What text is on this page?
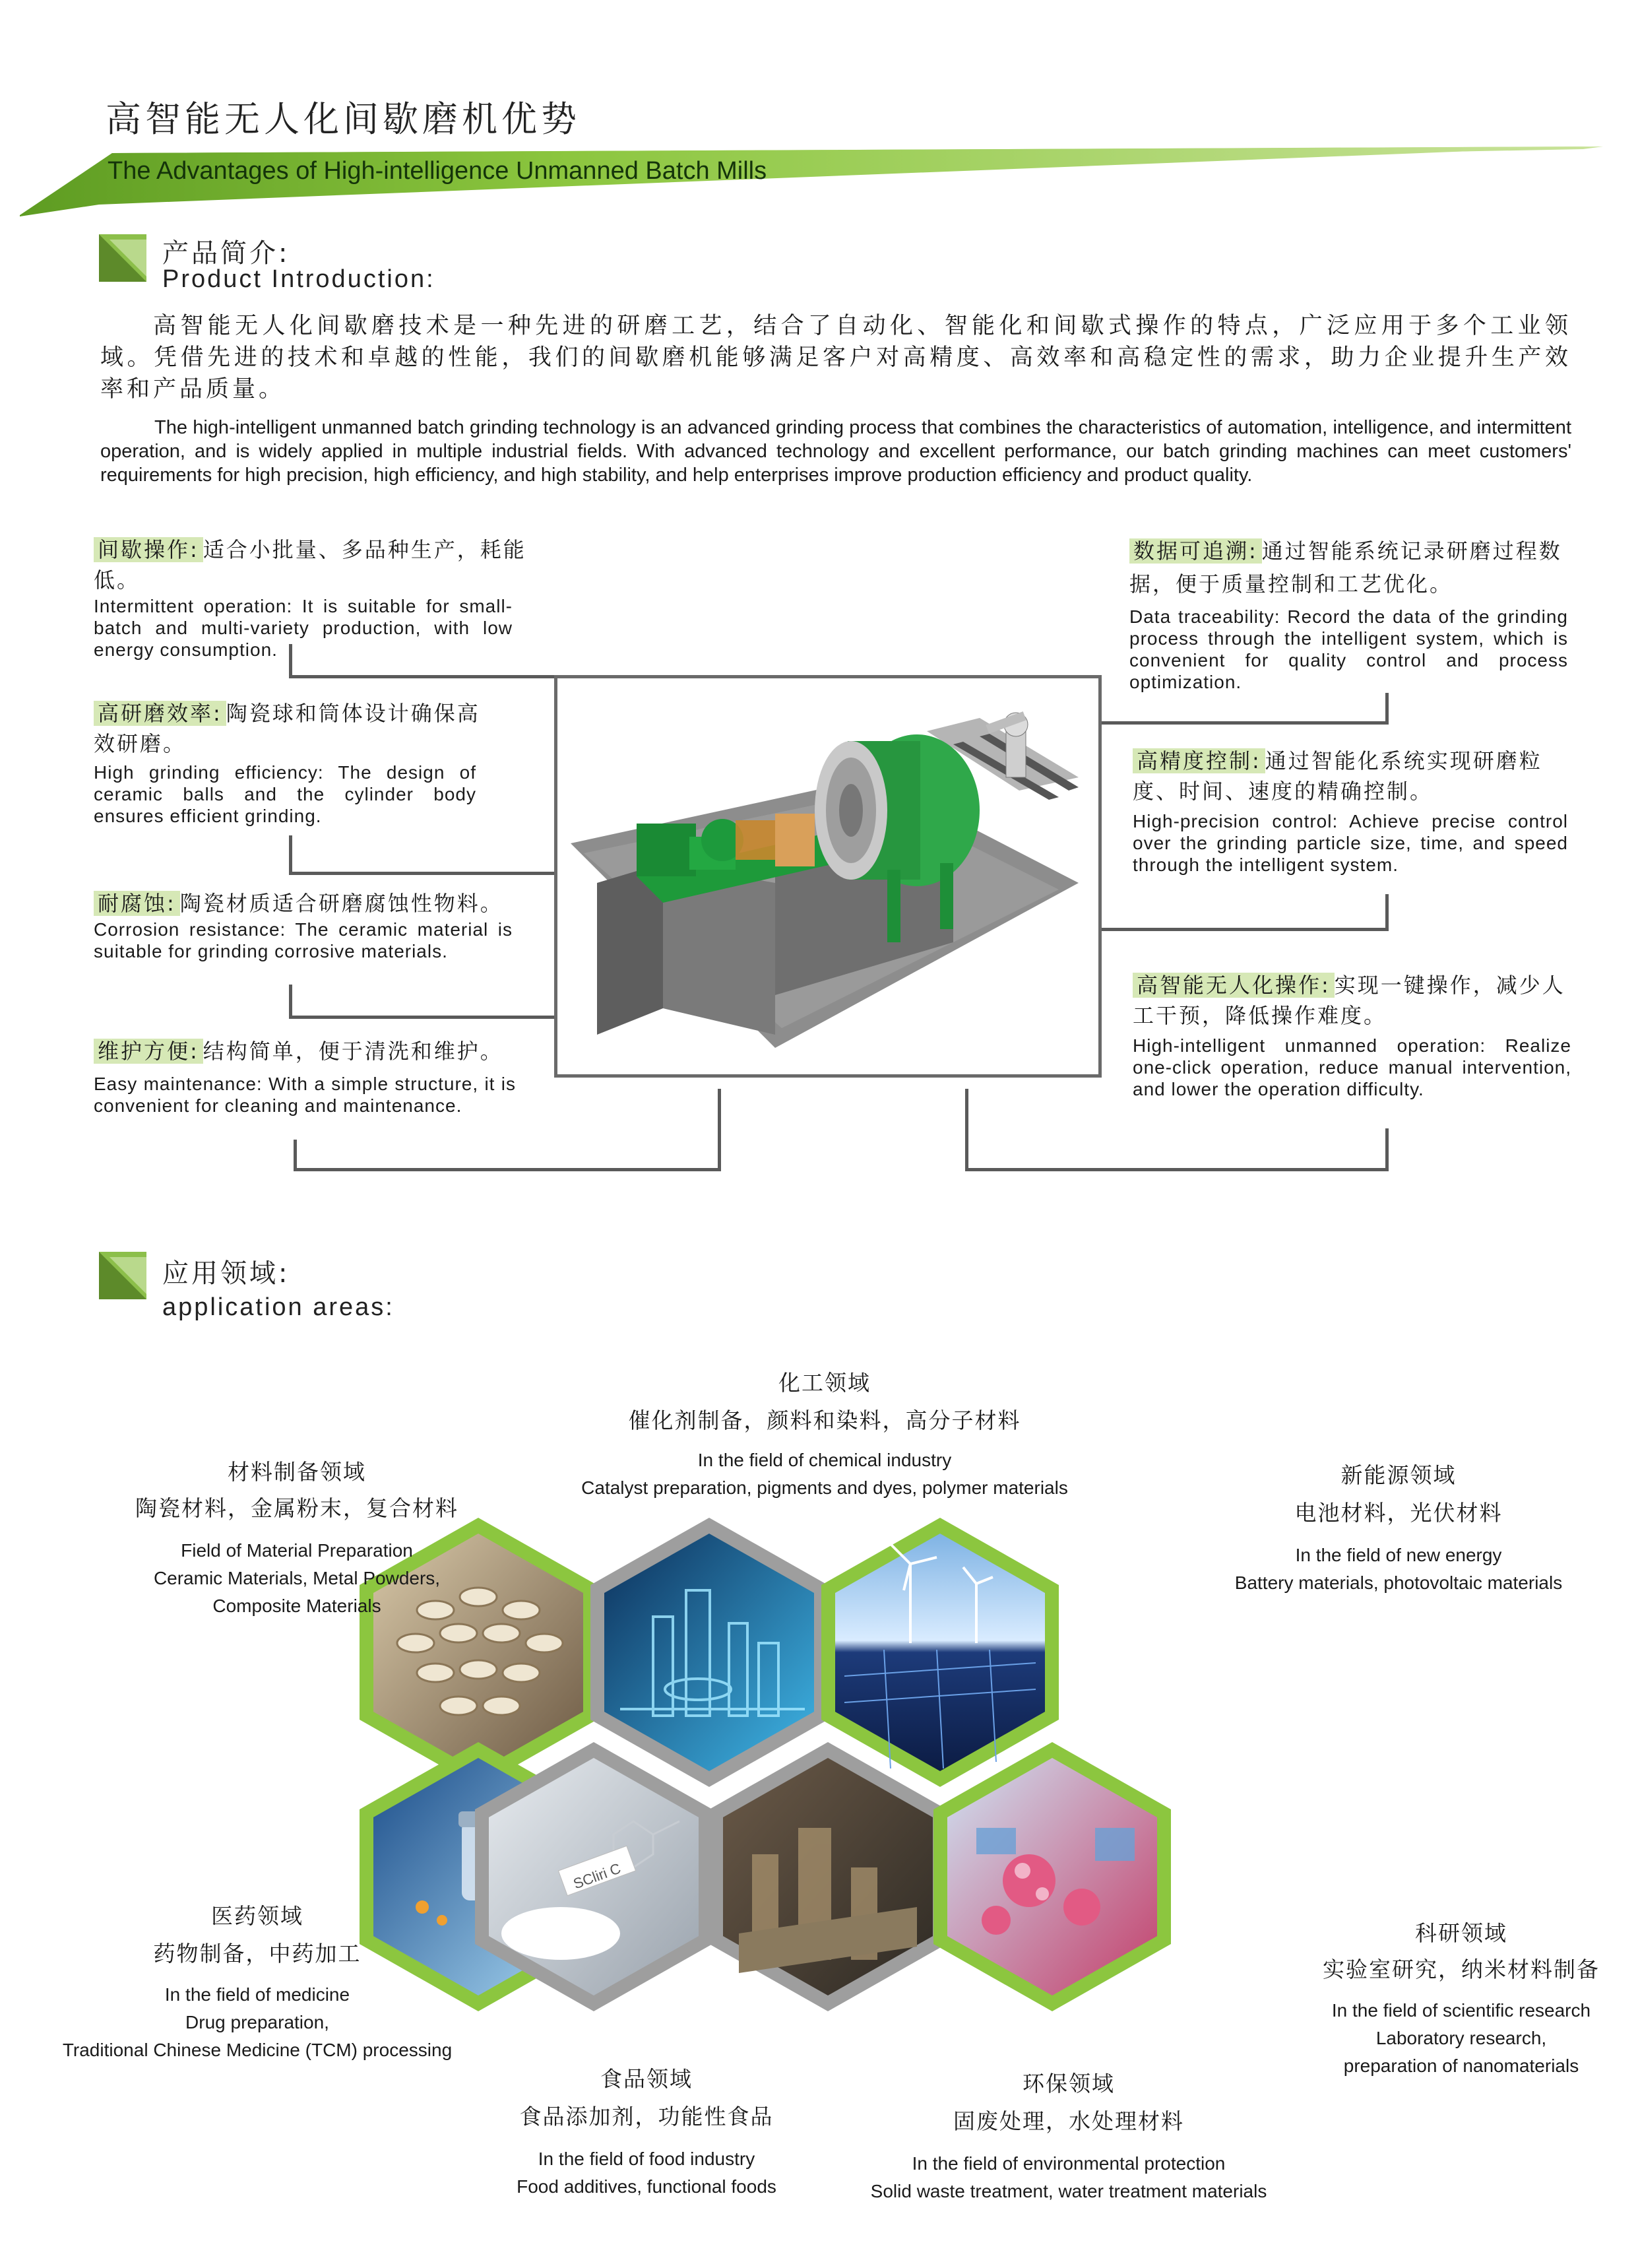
高智能无人化间歇磨机优势
The Advantages of High-intelligence Unmanned Batch Mills
产品简介:
Product Introduction:
高智能无人化间歇磨技术是一种先进的研磨工艺，结合了自动化、智能化和间歇式操作的特点，广泛应用于多个工业领域。凭借先进的技术和卓越的性能，我们的间歇磨机能够满足客户对高精度、高效率和高稳定性的需求，助力企业提升生产效率和产品质量。
The high-intelligent unmanned batch grinding technology is an advanced grinding process that combines the characteristics of automation, intelligence, and intermittent operation, and is widely applied in multiple industrial fields. With advanced technology and excellent performance, our batch grinding machines can meet customers' requirements for high precision, high efficiency, and high stability, and help enterprises improve production efficiency and product quality.
间歇操作: 适合小批量、多品种生产，耗能低。
Intermittent operation: It is suitable for small-batch and multi-variety production, with low energy consumption.
高研磨效率: 陶瓷球和筒体设计确保高效研磨。
High grinding efficiency: The design of ceramic balls and the cylinder body ensures efficient grinding.
耐腐蚀: 陶瓷材质适合研磨腐蚀性物料。
Corrosion resistance: The ceramic material is suitable for grinding corrosive materials.
维护方便: 结构简单，便于清洗和维护。
Easy maintenance: With a simple structure, it is convenient for cleaning and maintenance.
数据可追溯: 通过智能系统记录研磨过程数据，便于质量控制和工艺优化。
Data traceability: Record the data of the grinding process through the intelligent system, which is convenient for quality control and process optimization.
高精度控制: 通过智能化系统实现研磨粒度、时间、速度的精确控制。
High-precision control: Achieve precise control over the grinding particle size, time, and speed through the intelligent system.
高智能无人化操作: 实现一键操作，减少人工干预，降低操作难度。
High-intelligent unmanned operation: Realize one-click operation, reduce manual intervention, and lower the operation difficulty.
应用领域:
application areas:
SCliri C
化工领域
催化剂制备，颜料和染料，高分子材料
In the field of chemical industry
Catalyst preparation, pigments and dyes, polymer materials
材料制备领域
陶瓷材料，金属粉末，复合材料
Field of Material Preparation
Ceramic Materials, Metal Powders,
Composite Materials
新能源领域
电池材料，光伏材料
In the field of new energy
Battery materials, photovoltaic materials
医药领域
药物制备，中药加工
In the field of medicine
Drug preparation,
Traditional Chinese Medicine (TCM) processing
科研领域
实验室研究，纳米材料制备
In the field of scientific research
Laboratory research,
preparation of nanomaterials
食品领域
食品添加剂，功能性食品
In the field of food industry
Food additives, functional foods
环保领域
固废处理，水处理材料
In the field of environmental protection
Solid waste treatment, water treatment materials
